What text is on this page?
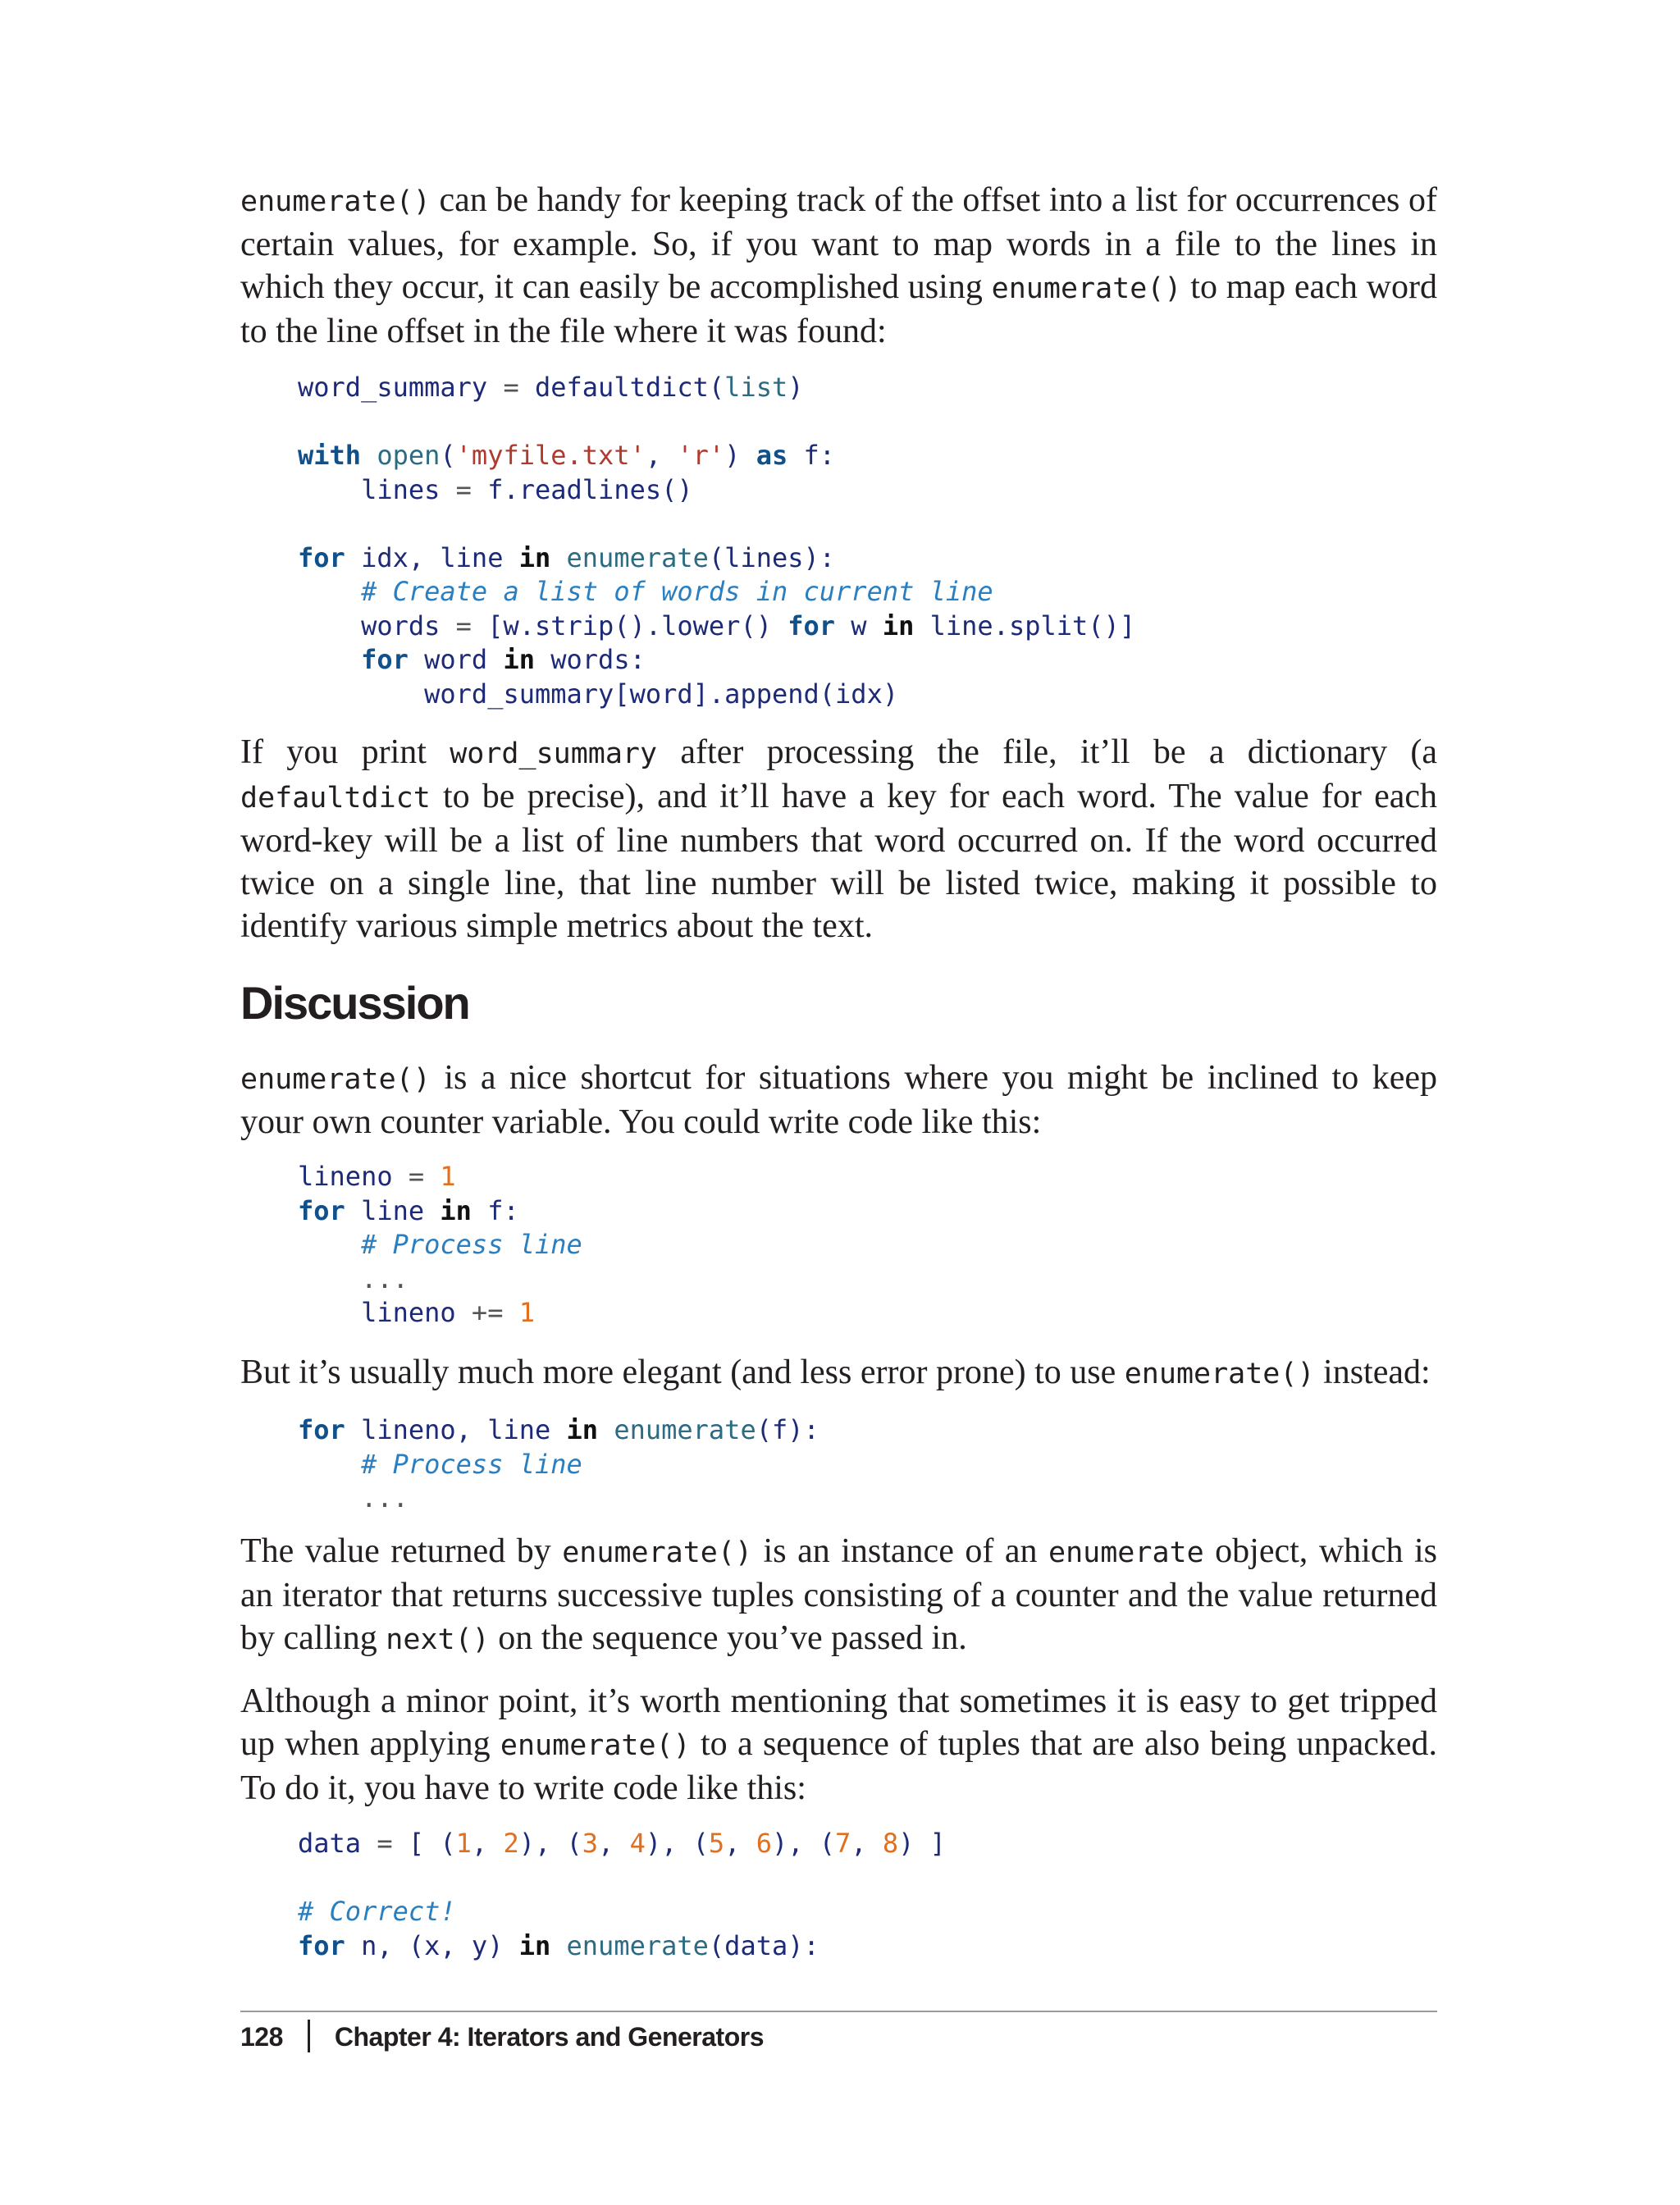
enumerate() can be handy for keeping track of the offset into a list for occurrences of certain values, for example. So, if you want to map words in a file to the lines in which they occur, it can easily be accomplished using enumerate() to map each word to the line offset in the file where it was found:

word_summary = defaultdict(list)

with open('myfile.txt', 'r') as f:
lines = f.readlines()

for idx, line in enumerate(lines):
# Create a list of words in current line
words = [w.strip().lower() for w in line.split()]
for word in words:
word_summary[word].append(idx)

If you print word_summary after processing the file, it’ll be a dictionary (a defaultdict to be precise), and it’ll have a key for each word. The value for each word-key will be a list of line numbers that word occurred on. If the word occurred twice on a single line, that line number will be listed twice, making it possible to identify various simple metrics about the text.

Discussion

enumerate() is a nice shortcut for situations where you might be inclined to keep your own counter variable. You could write code like this:

lineno = 1
for line in f:
# Process line
...
lineno += 1

But it’s usually much more elegant (and less error prone) to use enumerate() instead:

for lineno, line in enumerate(f):
# Process line
...

The value returned by enumerate() is an instance of an enumerate object, which is an iterator that returns successive tuples consisting of a counter and the value returned by calling next() on the sequence you’ve passed in.

Although a minor point, it’s worth mentioning that sometimes it is easy to get tripped up when applying enumerate() to a sequence of tuples that are also being unpacked. To do it, you have to write code like this:

data = [ (1, 2), (3, 4), (5, 6), (7, 8) ]

# Correct!
for n, (x, y) in enumerate(data):
128 Chapter 4: Iterators and Generators
